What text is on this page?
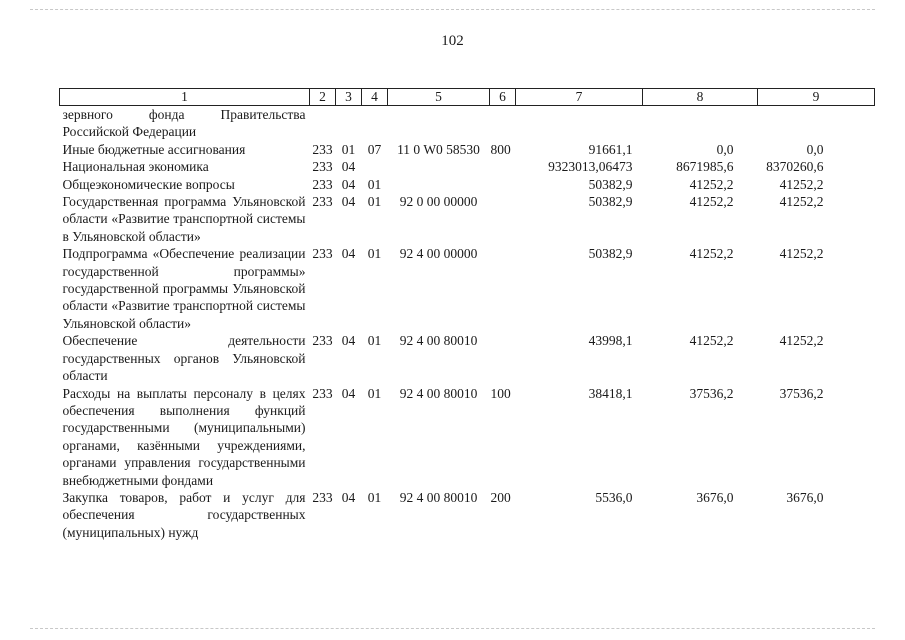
102
1	2	3	4	5	6	7	8	9
зервного фонда Правительства Российской Федерации								
Иные бюджетные ассигнования	233	01	07	11 0 W0 58530	800	91661,1	0,0	0,0
Национальная экономика	233	04				9323013,06473	8671985,6	8370260,6
Общеэкономические вопросы	233	04	01			50382,9	41252,2	41252,2
Государственная программа Ульяновской области «Развитие транспортной системы в Ульяновской области»	233	04	01	92 0 00 00000		50382,9	41252,2	41252,2
Подпрограмма «Обеспечение реализации государственной программы» государственной программы Ульяновской области «Развитие транспортной системы Ульяновской области»	233	04	01	92 4 00 00000		50382,9	41252,2	41252,2
Обеспечение деятельности государственных органов Ульяновской области	233	04	01	92 4 00 80010		43998,1	41252,2	41252,2
Расходы на выплаты персоналу в целях обеспечения выполнения функций государственными (муниципальными) органами, казёнными учреждениями, органами управления государственными внебюджетными фондами	233	04	01	92 4 00 80010	100	38418,1	37536,2	37536,2
Закупка товаров, работ и услуг для обеспечения государственных (муниципальных) нужд	233	04	01	92 4 00 80010	200	5536,0	3676,0	3676,0
